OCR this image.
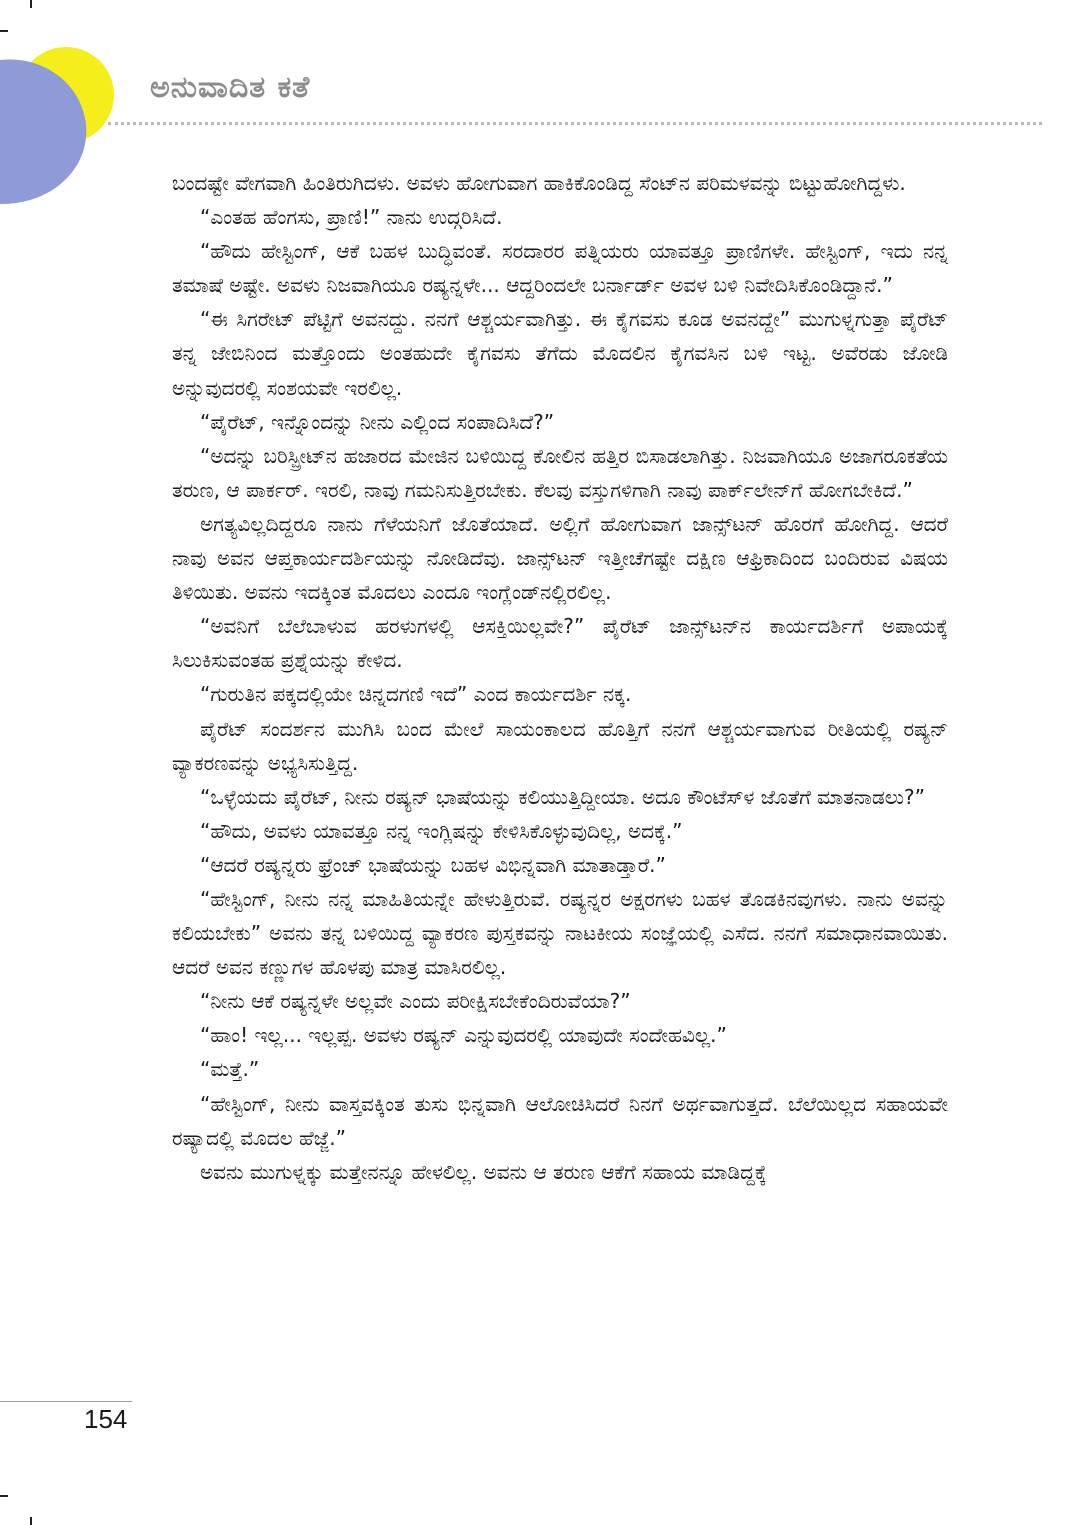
ಅನುವಾದಿತ ಕತೆ

ಬಂದಷ್ಟೇ ವೇಗವಾಗಿ ಹಿಂತಿರುಗಿದಳು. ಅವಳು ಹೋಗುವಾಗ ಹಾಕಿಕೊಂಡಿದ್ದ ಸೆಂಟ್‌ನ ಪರಿಮಳವನ್ನು ಬಿಟ್ಟುಹೋಗಿದ್ದಳು.

“ಎಂತಹ ಹೆಂಗಸು, ಪ್ರಾಣಿ!” ನಾನು ಉದ್ಗರಿಸಿದೆ.

“ಹೌದು ಹೇಸ್ಟಿಂಗ್, ಆಕೆ ಬಹಳ ಬುದ್ಧಿವಂತೆ. ಸರದಾರರ ಪತ್ನಿಯರು ಯಾವತ್ತೂ ಪ್ರಾಣಿಗಳೇ. ಹೇಸ್ಟಿಂಗ್, ಇದು ನನ್ನ ತಮಾಷೆ ಅಷ್ಟೇ. ಅವಳು ನಿಜವಾಗಿಯೂ ರಷ್ಯನ್ನಳೇ... ಆದ್ದರಿಂದಲೇ ಬರ್ನಾರ್ಡ್ ಅವಳ ಬಳಿ ನಿವೇದಿಸಿಕೊಂಡಿದ್ದಾನೆ.”

“ಈ ಸಿಗರೇಟ್ ಪೆಟ್ಟಿಗೆ ಅವನದ್ದು. ನನಗೆ ಆಶ್ಚರ್ಯವಾಗಿತ್ತು. ಈ ಕೈಗವಸು ಕೂಡ ಅವನದ್ದೇ” ಮುಗುಳ್ನಗುತ್ತಾ ಪೈರೆಟ್ ತನ್ನ ಜೇಬಿನಿಂದ ಮತ್ತೊಂದು ಅಂತಹುದೇ ಕೈಗವಸು ತೆಗೆದು ಮೊದಲಿನ ಕೈಗವಸಿನ ಬಳಿ ಇಟ್ಟ. ಅವೆರಡು ಜೋಡಿ ಅನ್ನುವುದರಲ್ಲಿ ಸಂಶಯವೇ ಇರಲಿಲ್ಲ.

“ಪೈರೆಟ್, ಇನ್ನೊಂದನ್ನು ನೀನು ಎಲ್ಲಿಂದ ಸಂಪಾದಿಸಿದೆ?”

“ಅದನ್ನು ಬರಿಸ್ಪ್ರೀಟ್‌ನ ಹಜಾರದ ಮೇಜಿನ ಬಳಿಯಿದ್ದ ಕೋಲಿನ ಹತ್ತಿರ ಬಿಸಾಡಲಾಗಿತ್ತು. ನಿಜವಾಗಿಯೂ ಅಜಾಗರೂಕತೆಯ ತರುಣ, ಆ ಪಾರ್ಕರ್. ಇರಲಿ, ನಾವು ಗಮನಿಸುತ್ತಿರಬೇಕು. ಕೆಲವು ವಸ್ತುಗಳಿಗಾಗಿ ನಾವು ಪಾರ್ಕ್‌ಲೇನ್‌ಗೆ ಹೋಗಬೇಕಿದೆ.”

ಅಗತ್ಯವಿಲ್ಲದಿದ್ದರೂ ನಾನು ಗೆಳೆಯನಿಗೆ ಜೊತೆಯಾದೆ. ಅಲ್ಲಿಗೆ ಹೋಗುವಾಗ ಜಾನ್ಸ್‌ಟನ್ ಹೊರಗೆ ಹೋಗಿದ್ದ. ಆದರೆ ನಾವು ಅವನ ಆಪ್ತಕಾರ್ಯದರ್ಶಿಯನ್ನು ನೋಡಿದೆವು. ಜಾನ್ಸ್‌ಟನ್ ಇತ್ತೀಚೆಗಷ್ಟೇ ದಕ್ಷಿಣ ಆಫ್ರಿಕಾದಿಂದ ಬಂದಿರುವ ವಿಷಯ ತಿಳಿಯಿತು. ಅವನು ಇದಕ್ಕಿಂತ ಮೊದಲು ಎಂದೂ ಇಂಗ್ಲೆಂಡ್‌ನಲ್ಲಿರಲಿಲ್ಲ.

“ಅವನಿಗೆ ಬೆಲೆಬಾಳುವ ಹರಳುಗಳಲ್ಲಿ ಆಸಕ್ತಿಯಿಲ್ಲವೇ?” ಪೈರೆಟ್ ಜಾನ್ಸ್‌ಟನ್‌ನ ಕಾರ್ಯದರ್ಶಿಗೆ ಅಪಾಯಕ್ಕೆ ಸಿಲುಕಿಸುವಂತಹ ಪ್ರಶ್ನೆಯನ್ನು ಕೇಳಿದ.

“ಗುರುತಿನ ಪಕ್ಕದಲ್ಲಿಯೇ ಚಿನ್ನದಗಣಿ ಇದೆ” ಎಂದ ಕಾರ್ಯದರ್ಶಿ ನಕ್ಕ.

ಪೈರೆಟ್ ಸಂದರ್ಶನ ಮುಗಿಸಿ ಬಂದ ಮೇಲೆ ಸಾಯಂಕಾಲದ ಹೊತ್ತಿಗೆ ನನಗೆ ಆಶ್ಚರ್ಯವಾಗುವ ರೀತಿಯಲ್ಲಿ ರಷ್ಯನ್ ವ್ಯಾಕರಣವನ್ನು ಅಭ್ಯಸಿಸುತ್ತಿದ್ದ.

“ಒಳ್ಳೆಯದು ಪೈರೆಟ್, ನೀನು ರಷ್ಯನ್ ಭಾಷೆಯನ್ನು ಕಲಿಯುತ್ತಿದ್ದೀಯಾ. ಅದೂ ಕೌಂಟೆಸ್‌ಳ ಜೊತೆಗೆ ಮಾತನಾಡಲು?”

“ಹೌದು, ಅವಳು ಯಾವತ್ತೂ ನನ್ನ ಇಂಗ್ಲಿಷನ್ನು ಕೇಳಿಸಿಕೊಳ್ಳುವುದಿಲ್ಲ, ಅದಕ್ಕೆ.”

“ಆದರೆ ರಷ್ಯನ್ನರು ಫ್ರೆಂಚ್ ಭಾಷೆಯನ್ನು ಬಹಳ ವಿಭಿನ್ನವಾಗಿ ಮಾತಾಡ್ತಾರೆ.”

“ಹೇಸ್ಟಿಂಗ್, ನೀನು ನನ್ನ ಮಾಹಿತಿಯನ್ನೇ ಹೇಳುತ್ತಿರುವೆ. ರಷ್ಯನ್ನರ ಅಕ್ಷರಗಳು ಬಹಳ ತೊಡಕಿನವುಗಳು. ನಾನು ಅವನ್ನು ಕಲಿಯಬೇಕು” ಅವನು ತನ್ನ ಬಳಿಯಿದ್ದ ವ್ಯಾಕರಣ ಪುಸ್ತಕವನ್ನು ನಾಟಕೀಯ ಸಂಜ್ಞೆಯಲ್ಲಿ ಎಸೆದ. ನನಗೆ ಸಮಾಧಾನವಾಯಿತು. ಆದರೆ ಅವನ ಕಣ್ಣುಗಳ ಹೊಳಪು ಮಾತ್ರ ಮಾಸಿರಲಿಲ್ಲ.

“ನೀನು ಆಕೆ ರಷ್ಯನ್ನಳೇ ಅಲ್ಲವೇ ಎಂದು ಪರೀಕ್ಷಿಸಬೇಕೆಂದಿರುವೆಯಾ?”

“ಹಾಂ! ಇಲ್ಲ... ಇಲ್ಲಪ್ಪ. ಅವಳು ರಷ್ಯನ್ ಎನ್ನುವುದರಲ್ಲಿ ಯಾವುದೇ ಸಂದೇಹವಿಲ್ಲ.”

“ಮತ್ತೆ.”

“ಹೇಸ್ಟಿಂಗ್, ನೀನು ವಾಸ್ತವಕ್ಕಿಂತ ತುಸು ಭಿನ್ನವಾಗಿ ಆಲೋಚಿಸಿದರೆ ನಿನಗೆ ಅರ್ಥವಾಗುತ್ತದೆ. ಬೆಲೆಯಿಲ್ಲದ ಸಹಾಯವೇ ರಷ್ಯಾದಲ್ಲಿ ಮೊದಲ ಹೆಜ್ಜೆ.”

ಅವನು ಮುಗುಳ್ನಕ್ಕು ಮತ್ತೇನನ್ನೂ ಹೇಳಲಿಲ್ಲ. ಅವನು ಆ ತರುಣ ಆಕೆಗೆ ಸಹಾಯ ಮಾಡಿದ್ದಕ್ಕೆ

154
